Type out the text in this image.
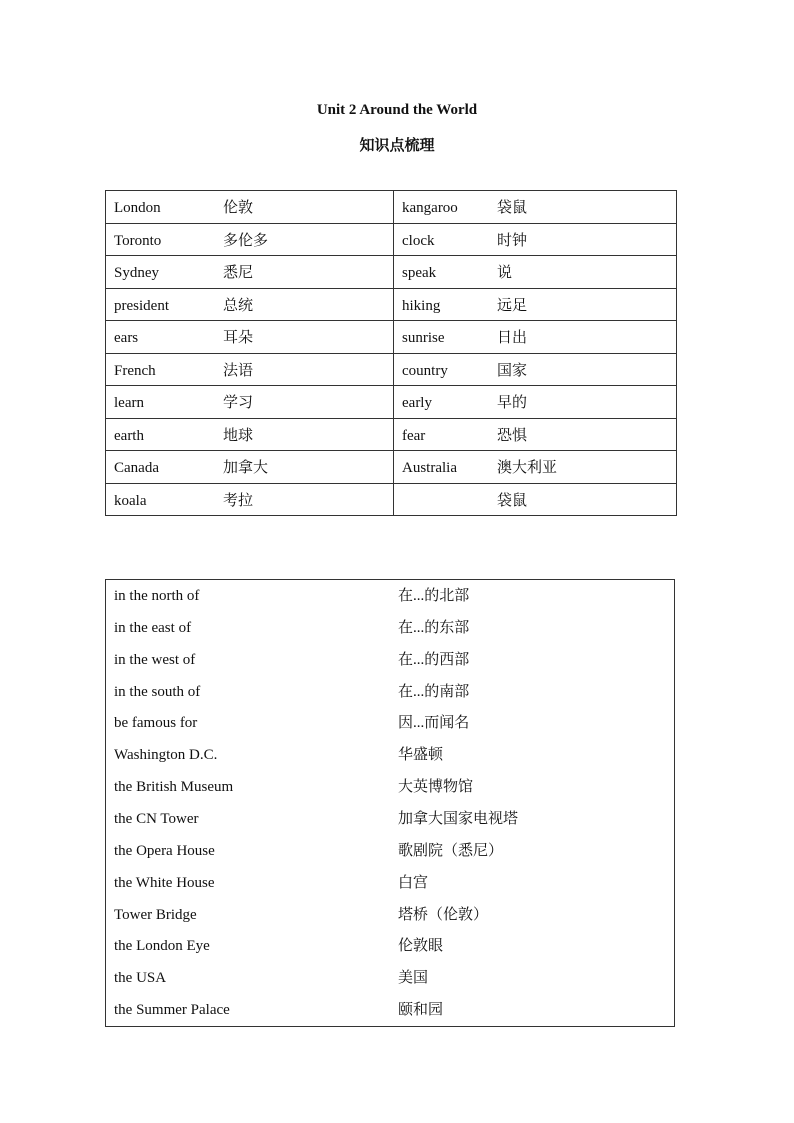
Unit 2 Around the World
知识点梳理
London 伦敦	kangaroo 袋鼠
Toronto 多伦多	clock 时钟
Sydney 悉尼	speak 说
president 总统	hiking 远足
ears 耳朵	sunrise 日出
French 法语	country 国家
learn 学习	early 早的
earth 地球	fear 恐惧
Canada 加拿大	Australia 澳大利亚
koala 考拉	袋鼠
in the north of	在...的北部
in the east of	在...的东部
in the west of	在...的西部
in the south of	在...的南部
be famous for	因...而闻名
Washington D.C.	华盛顿
the British Museum	大英博物馆
the CN Tower	加拿大国家电视塔
the Opera House	歌剧院（悉尼）
the White House	白宫
Tower Bridge	塔桥（伦敦）
the London Eye	伦敦眼
the USA	美国
the Summer Palace	颐和园
